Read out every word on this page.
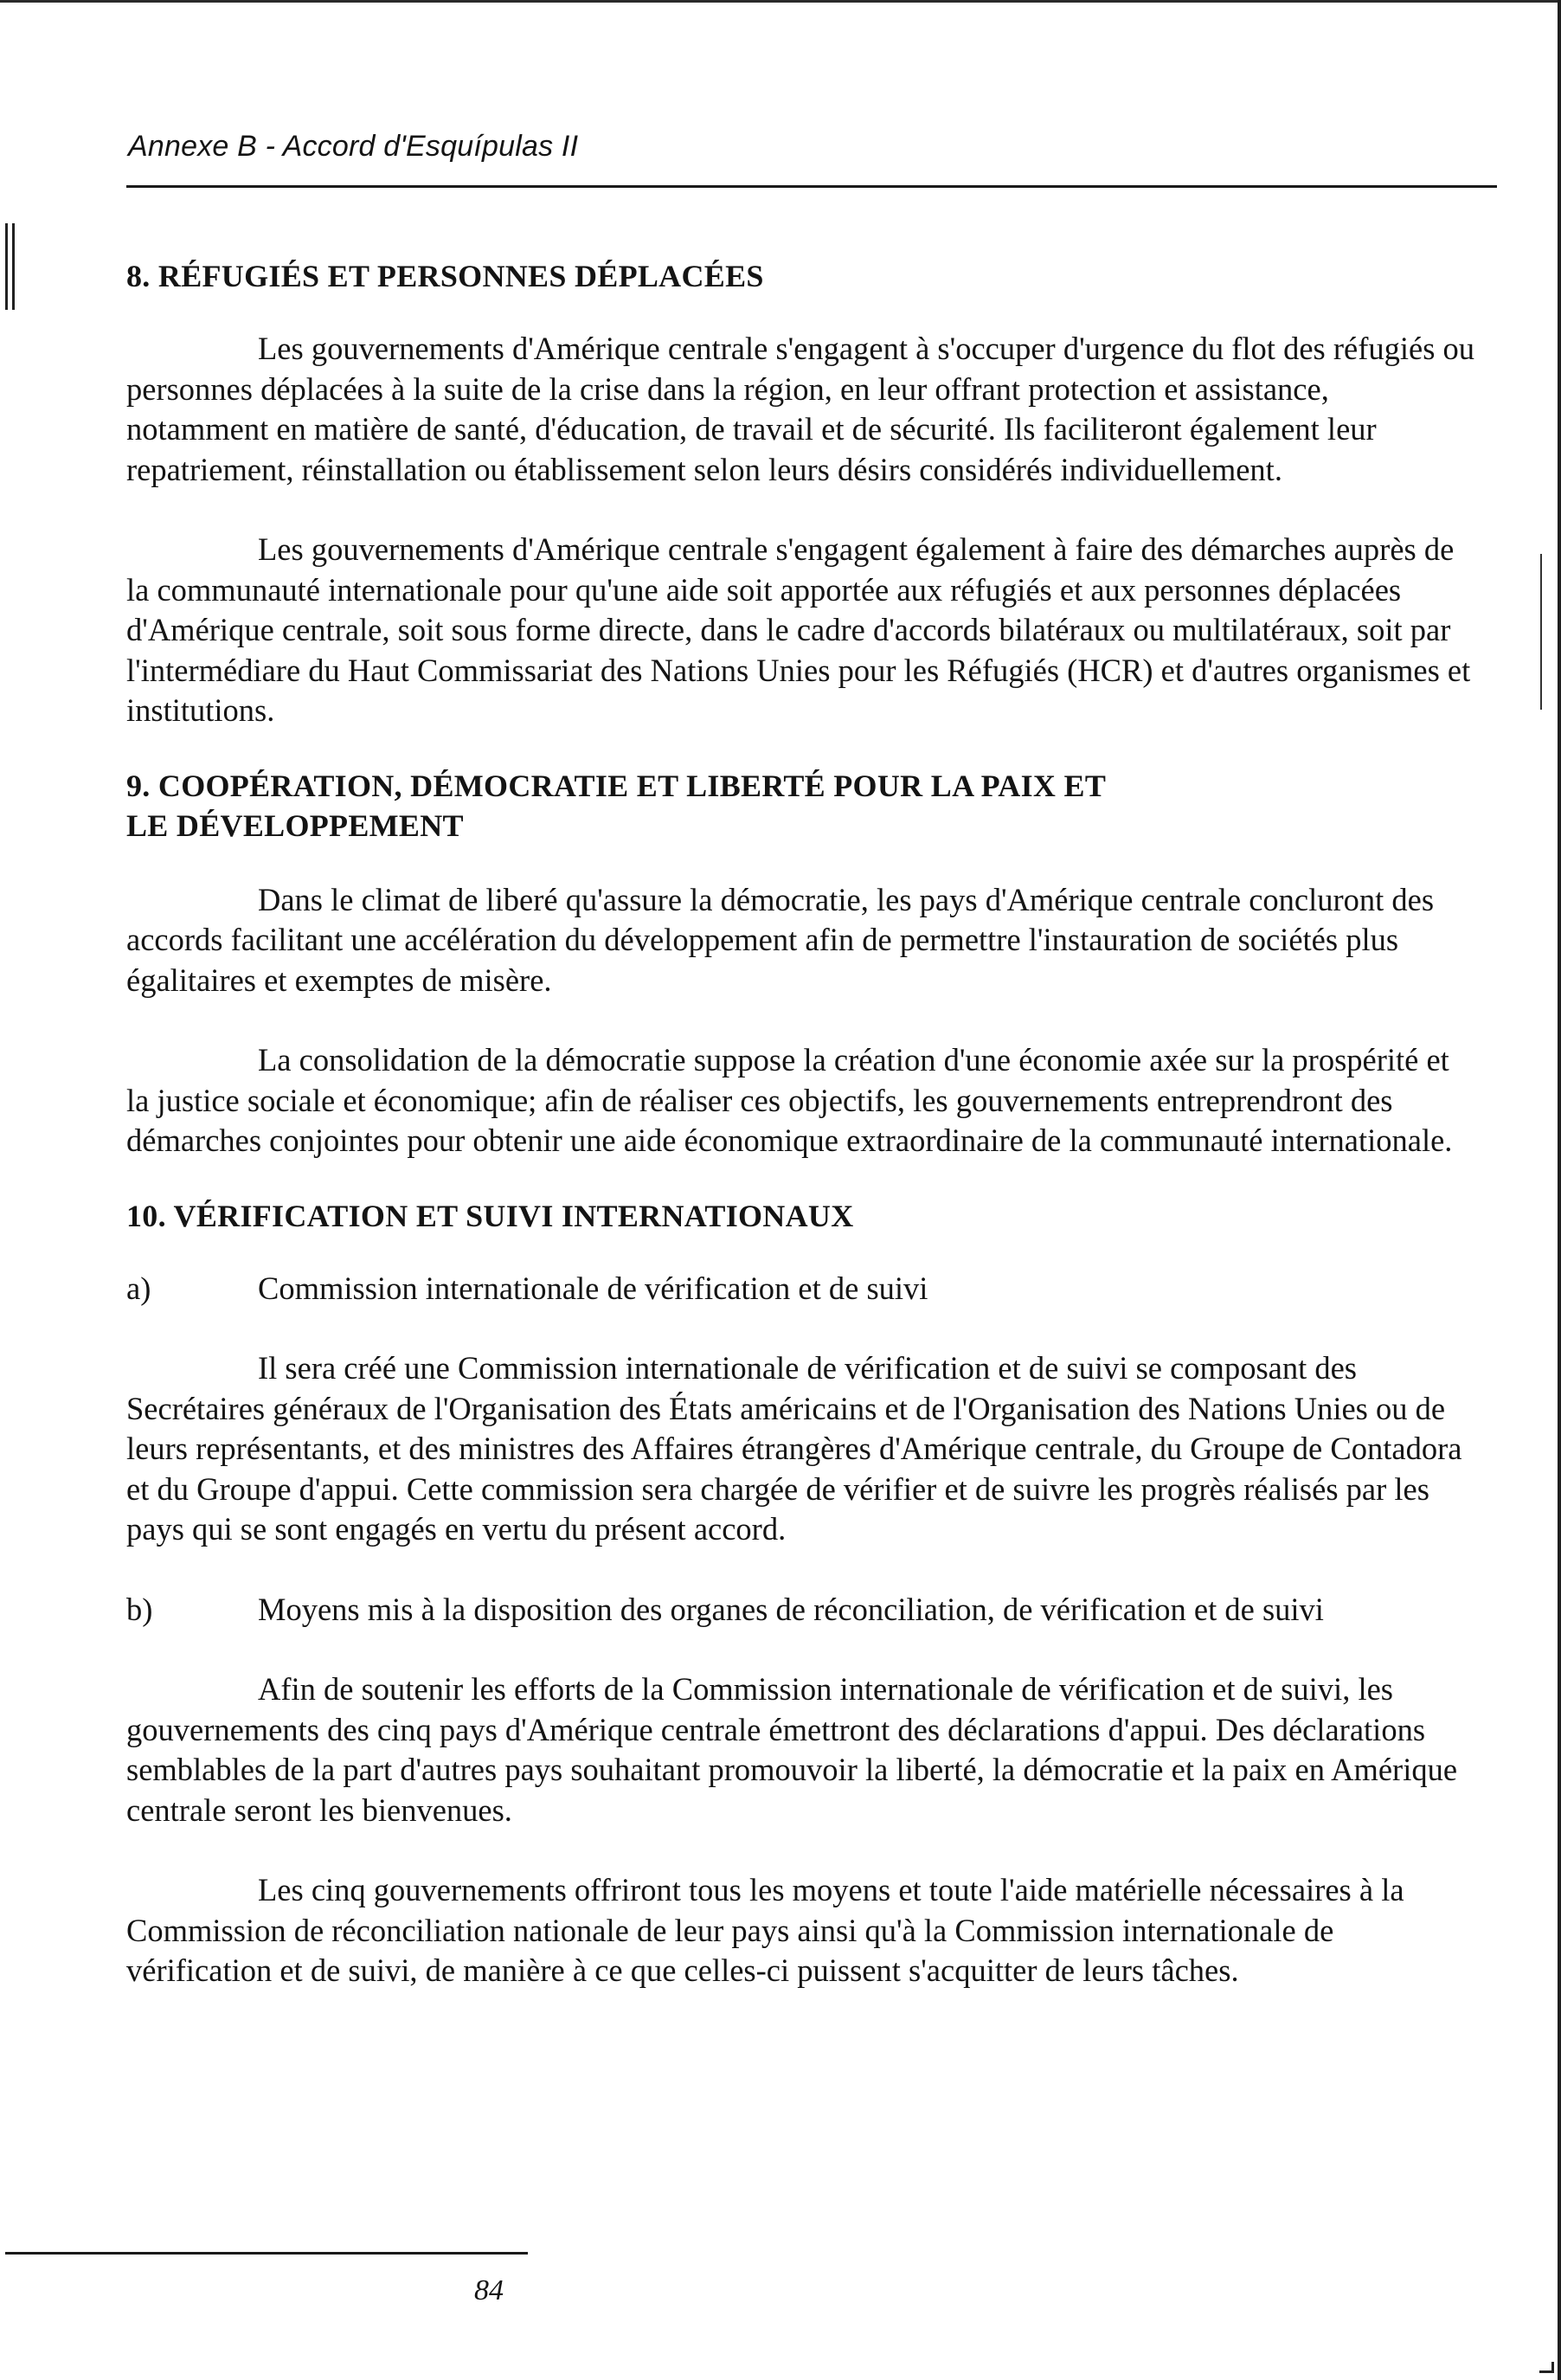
Annexe B - Accord d'Esquípulas II
8. RÉFUGIÉS ET PERSONNES DÉPLACÉES

Les gouvernements d'Amérique centrale s'engagent à s'occuper d'urgence du flot des réfugiés ou personnes déplacées à la suite de la crise dans la région, en leur offrant protection et assistance, notamment en matière de santé, d'éducation, de travail et de sécurité. Ils faciliteront également leur repatriement, réinstallation ou établissement selon leurs désirs considérés individuellement.

Les gouvernements d'Amérique centrale s'engagent également à faire des démarches auprès de la communauté internationale pour qu'une aide soit apportée aux réfugiés et aux personnes déplacées d'Amérique centrale, soit sous forme directe, dans le cadre d'accords bilatéraux ou multilatéraux, soit par l'intermédiare du Haut Commissariat des Nations Unies pour les Réfugiés (HCR) et d'autres organismes et institutions.

9. COOPÉRATION, DÉMOCRATIE ET LIBERTÉ POUR LA PAIX ET
LE DÉVELOPPEMENT

Dans le climat de liberé qu'assure la démocratie, les pays d'Amérique centrale concluront des accords facilitant une accélération du développement afin de permettre l'instauration de sociétés plus égalitaires et exemptes de misère.

La consolidation de la démocratie suppose la création d'une économie axée sur la prospérité et la justice sociale et économique; afin de réaliser ces objectifs, les gouvernements entreprendront des démarches conjointes pour obtenir une aide économique extraordinaire de la communauté internationale.

10. VÉRIFICATION ET SUIVI INTERNATIONAUX
a)	Commission internationale de vérification et de suivi

Il sera créé une Commission internationale de vérification et de suivi se composant des Secrétaires généraux de l'Organisation des États américains et de l'Organisation des Nations Unies ou de leurs représentants, et des ministres des Affaires étrangères d'Amérique centrale, du Groupe de Contadora et du Groupe d'appui. Cette commission sera chargée de vérifier et de suivre les progrès réalisés par les pays qui se sont engagés en vertu du présent accord.

b)	Moyens mis à la disposition des organes de réconciliation, de vérification et de suivi

Afin de soutenir les efforts de la Commission internationale de vérification et de suivi, les gouvernements des cinq pays d'Amérique centrale émettront des déclarations d'appui. Des déclarations semblables de la part d'autres pays souhaitant promouvoir la liberté, la démocratie et la paix en Amérique centrale seront les bienvenues.

Les cinq gouvernements offriront tous les moyens et toute l'aide matérielle nécessaires à la Commission de réconciliation nationale de leur pays ainsi qu'à la Commission internationale de vérification et de suivi, de manière à ce que celles-ci puissent s'acquitter de leurs tâches.

84
